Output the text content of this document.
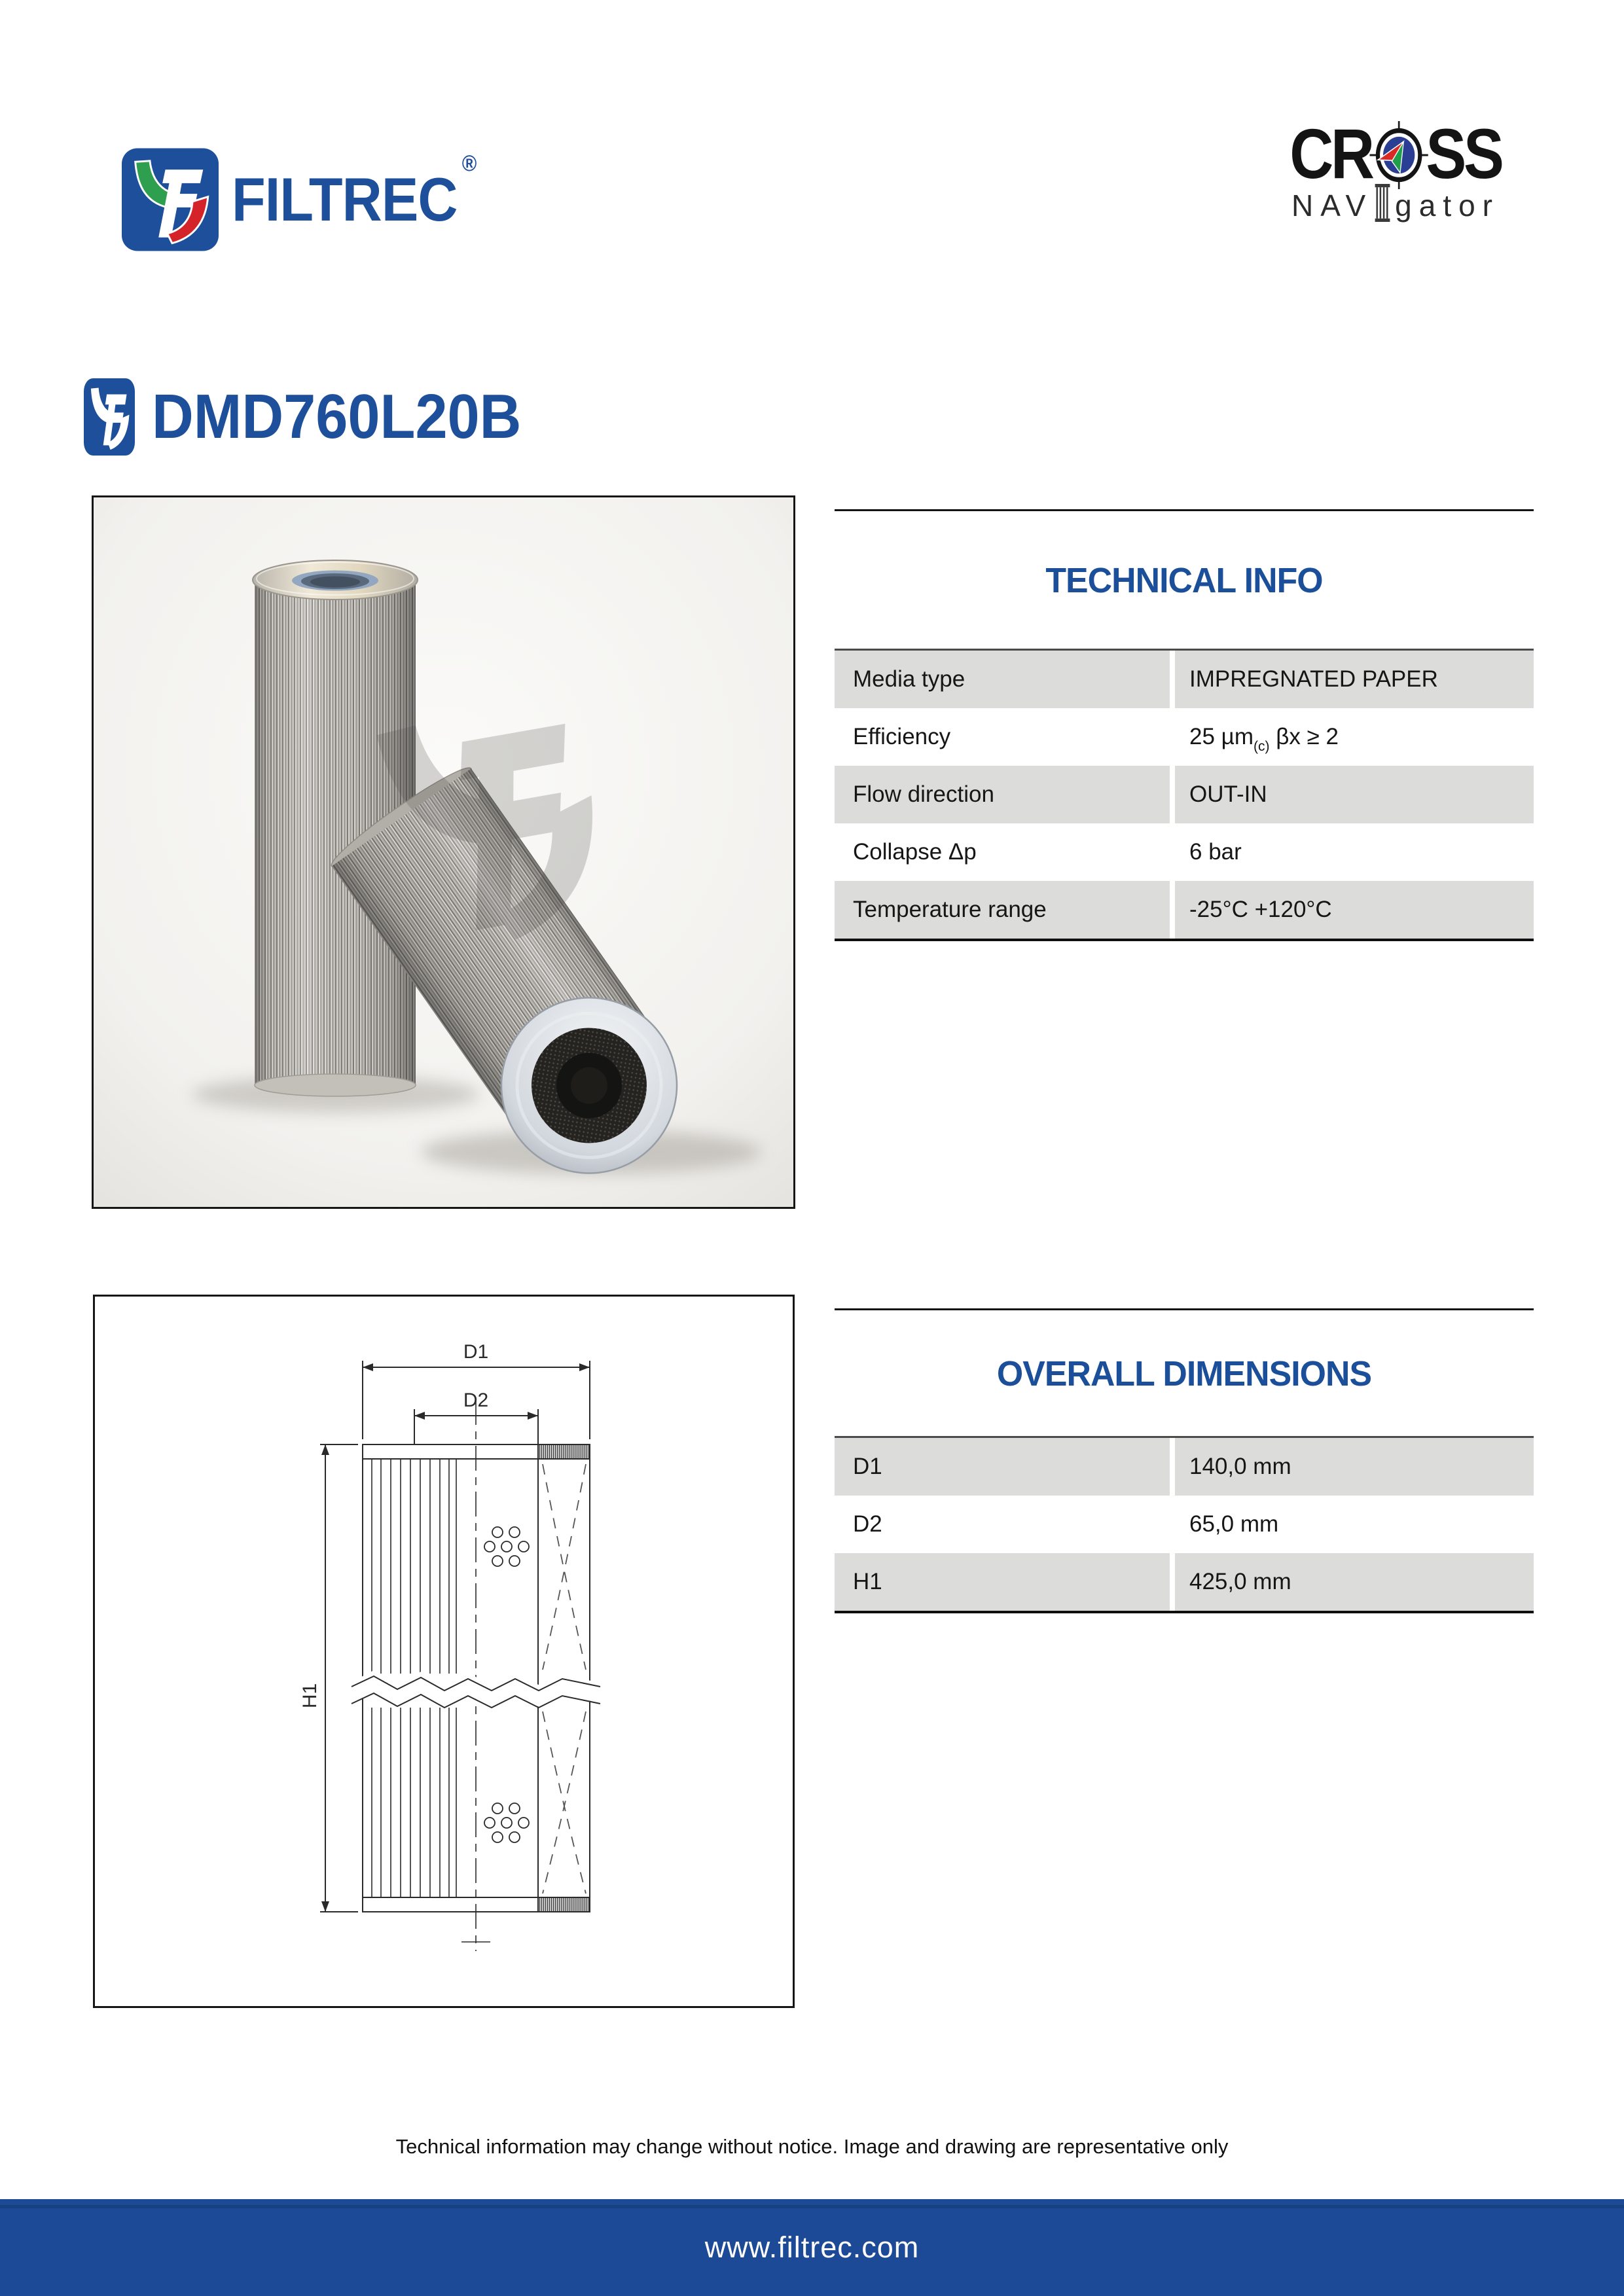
FILTREC®	CR SS
NAV gator
DMD760L20B
TECHNICAL INFO
Media type	IMPREGNATED PAPER
Efficiency	25 µm$_{(c)}$ βx ≥ 2
Flow direction	OUT-IN
Collapse Δp	6 bar
Temperature range	-25°C +120°C
D1
D2
H1
OVERALL DIMENSIONS
D1	140,0 mm
D2	65,0 mm
H1	425,0 mm
Technical information may change without notice. Image and drawing are representative only
www.filtrec.com
